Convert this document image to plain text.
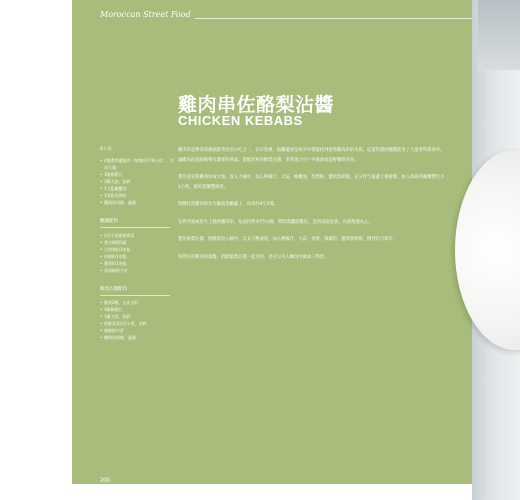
Moroccan Street Food
雞肉串佐酪梨沾醬
CHICKEN KEBABS
4人份
• 4塊帶骨雞腿肉（每塊約170公克），切成大塊
• 1顆檸檬汁
• 1顆大蒜，拍碎
• 1大匙橄欖油
• 1茶匙孜然粉
• 鹽與黑胡椒，適量
醃醬配料
• 約1小把新鮮香菜
• 黃皮檸檬1顆
• 小茴香粉1茶匙
• 紅椒粉1茶匙
• 薑黃粉1茶匙
• 黑胡椒粉少許
酪梨沾醬配料
• 酪梨2顆，去皮去籽
• 1顆檸檬汁
• 1瓣大蒜，拍碎
• 新鮮香菜約1小把，切碎
• 辣椒粉少許
• 鹽與黑胡椒，適量

雞肉串是摩洛哥街頭最常見的小吃之一，在市集裡、海灘邊或是夜市中都能找到炭烤雞肉串的身影。這道料理的醃醬使用了大量香料與香草，讓雞肉在燒烤後帶有濃郁的香氣。搭配清爽的酪梨沾醬，非常適合在戶外聚會或是野餐時享用。

製作前先將雞肉切成大塊，放入大碗中，加入檸檬汁、大蒜、橄欖油、孜然粉、鹽與黑胡椒，充分拌勻後蓋上保鮮膜，放入冰箱冷藏醃製至少1小時，最好能醃製隔夜。

將醃好的雞肉串在竹籤或金屬籤上，每串約4至5塊。

在烤肉架或炭火上燒烤雞肉串，每面約烤4至5分鐘，期間需翻面數次，直到表面金黃、內部熟透為止。

製作酪梨沾醬：將酪梨放入碗中，以叉子壓成泥，加入檸檬汁、大蒜、香菜、辣椒粉、鹽與黑胡椒，攪拌均勻即可。

將烤好的雞肉串盛盤，搭配酪梨沾醬一起享用，也可以夾入麵包中做成三明治。

200
